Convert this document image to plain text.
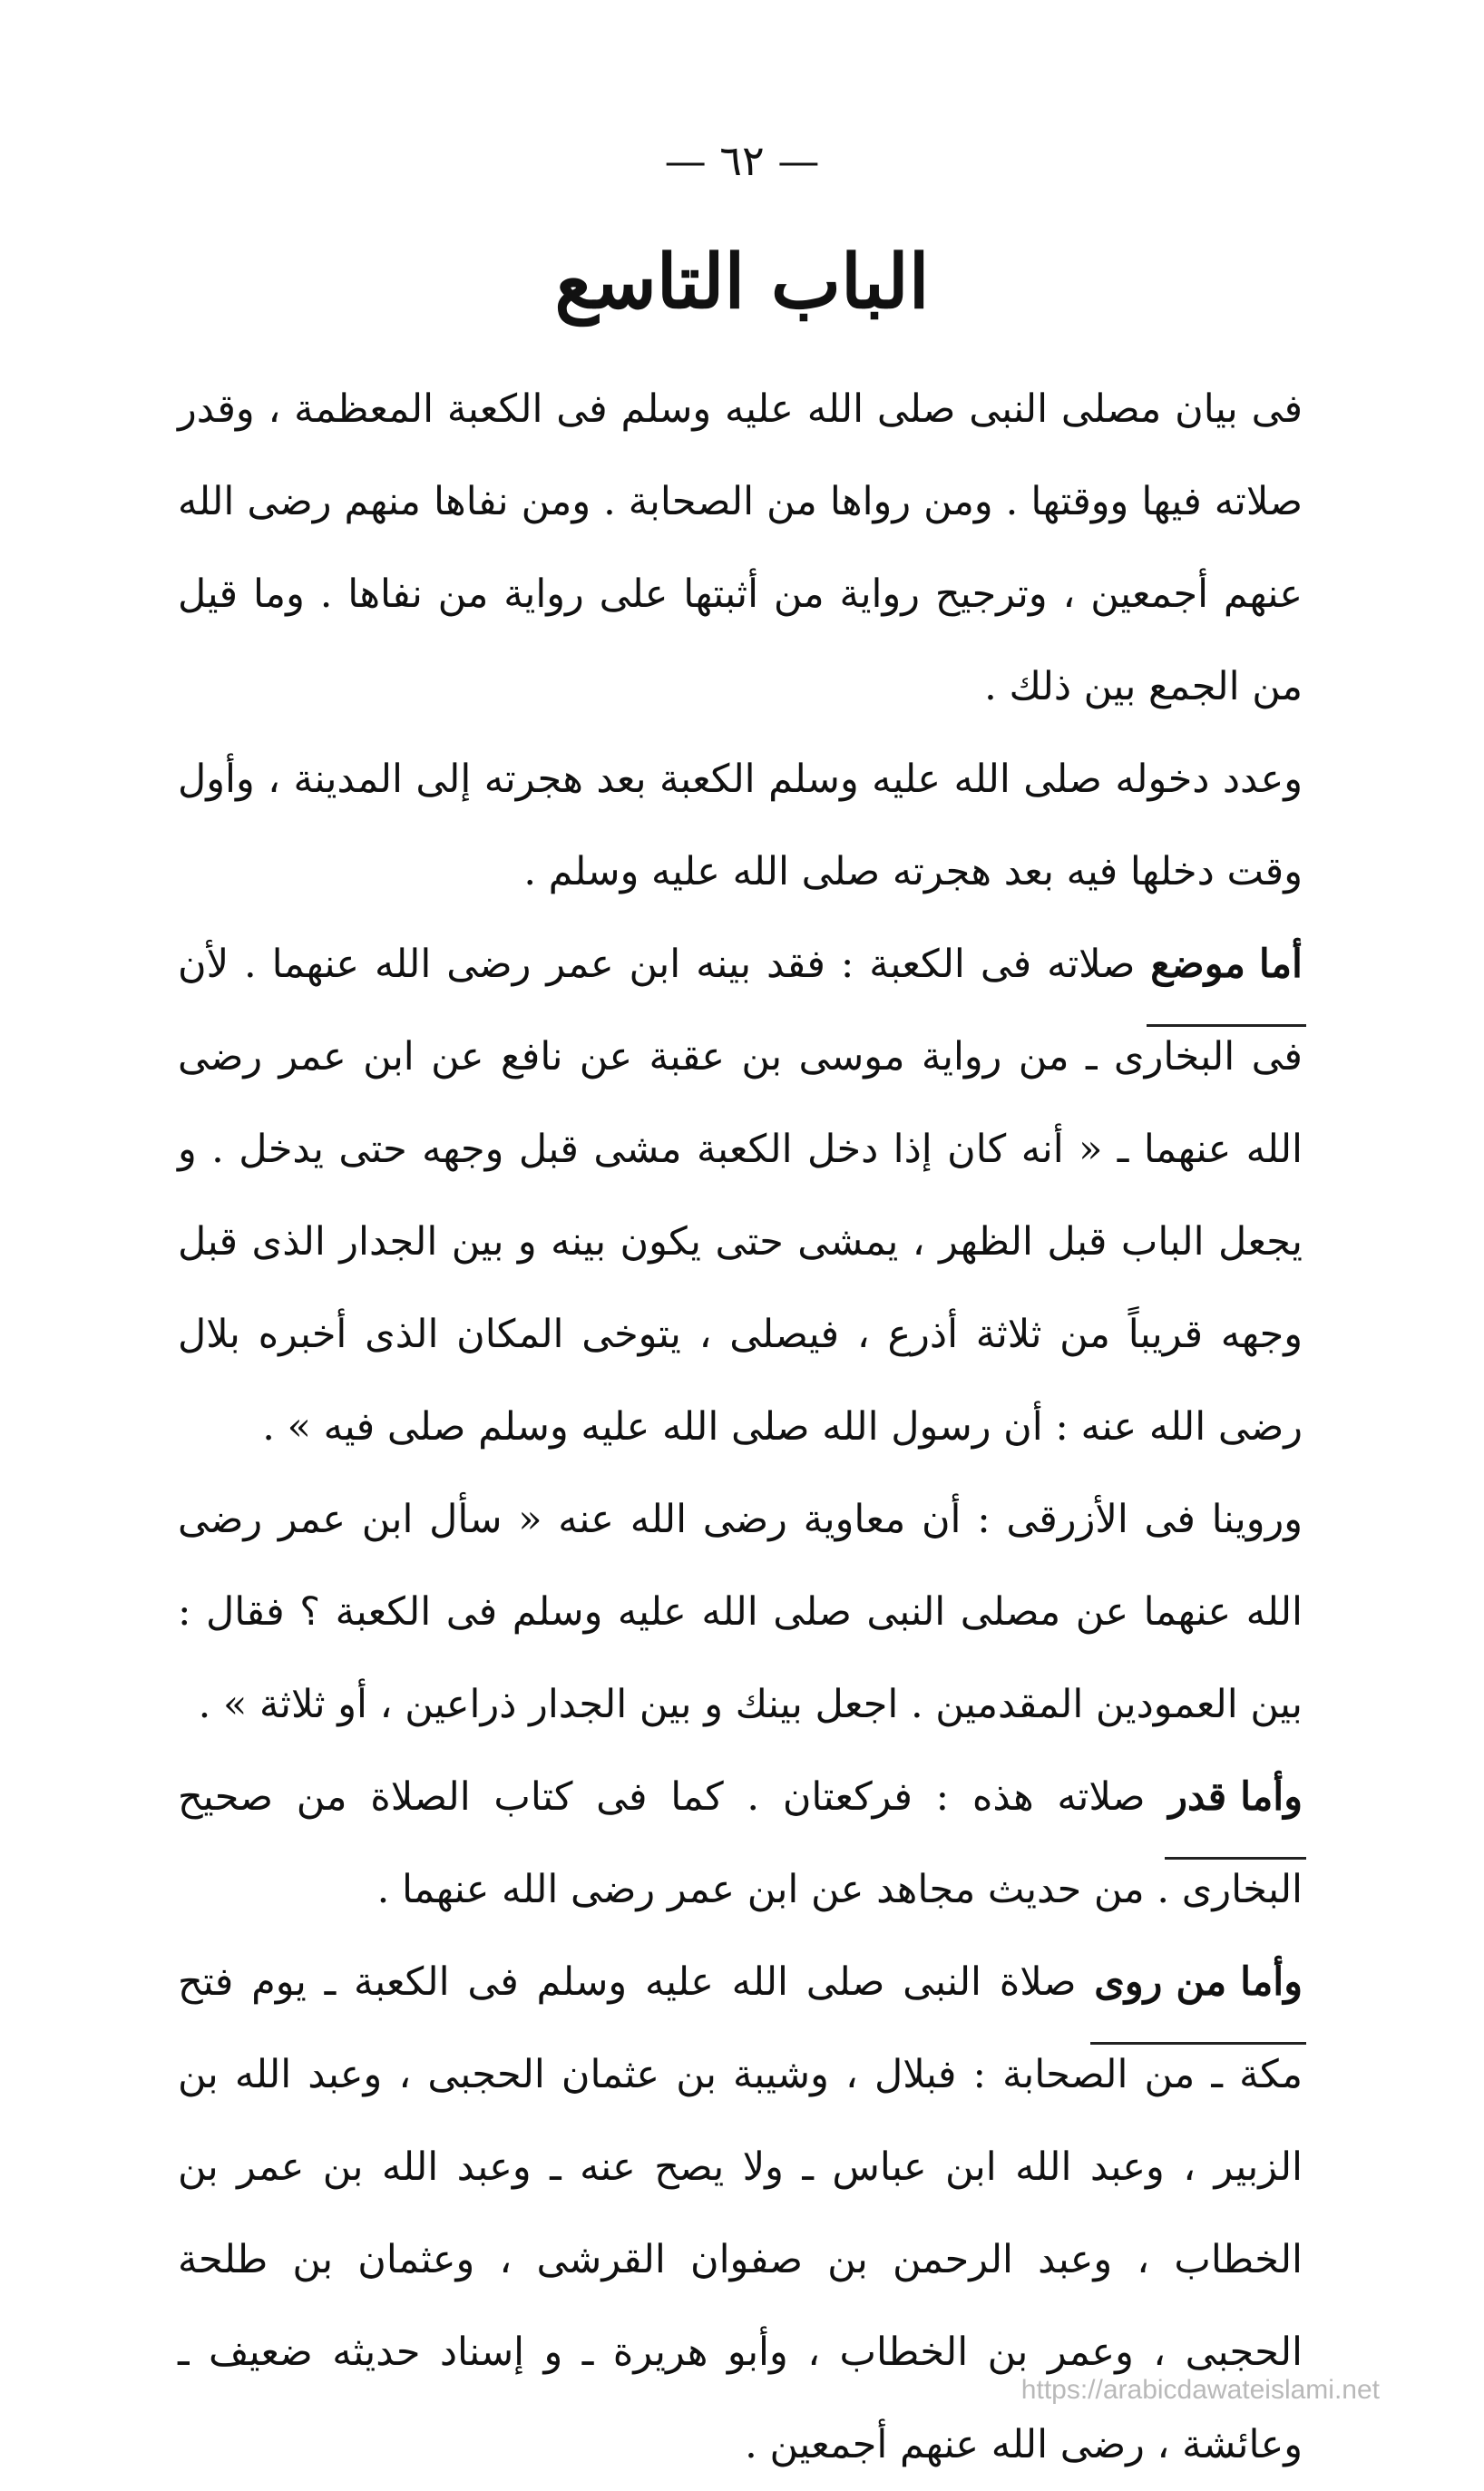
— ٦٢ —
الباب التاسع

فى بيان مصلى النبى صلى الله عليه وسلم فى الكعبة المعظمة ، وقدر صلاته فيها ووقتها . ومن رواها من الصحابة . ومن نفاها منهم رضى الله عنهم أجمعين ، وترجيح رواية من أثبتها على رواية من نفاها . وما قيل من الجمع بين ذلك .

وعدد دخوله صلى الله عليه وسلم الكعبة بعد هجرته إلى المدينة ، وأول وقت دخلها فيه بعد هجرته صلى الله عليه وسلم .

أما موضع
صلاته فى الكعبة : فقد بينه ابن عمر رضى الله عنهما . لأن فى البخارى ـ من رواية موسى بن عقبة عن نافع عن ابن عمر رضى الله عنهما ـ « أنه كان إذا دخل الكعبة مشى قبل وجهه حتى يدخل . و يجعل الباب قبل الظهر ، يمشى حتى يكون بينه و بين الجدار الذى قبل وجهه قريباً من ثلاثة أذرع ، فيصلى ، يتوخى المكان الذى أخبره بلال رضى الله عنه : أن رسول الله صلى الله عليه وسلم صلى فيه » .

وروينا فى الأزرقى : أن معاوية رضى الله عنه « سأل ابن عمر رضى الله عنهما عن مصلى النبى صلى الله عليه وسلم فى الكعبة ؟ فقال : بين العمودين المقدمين . اجعل بينك و بين الجدار ذراعين ، أو ثلاثة » .

وأما قدر
صلاته هذه : فركعتان . كما فى كتاب الصلاة من صحيح البخارى . من حديث مجاهد عن ابن عمر رضى الله عنهما .

وأما من روى
صلاة النبى صلى الله عليه وسلم فى الكعبة ـ يوم فتح مكة ـ من الصحابة : فبلال ، وشيبة بن عثمان الحجبى ، وعبد الله بن الزبير ، وعبد الله ابن عباس ـ ولا يصح عنه ـ وعبد الله بن عمر بن الخطاب ، وعبد الرحمن بن صفوان القرشى ، وعثمان بن طلحة الحجبى ، وعمر بن الخطاب ، وأبو هريرة ـ و إسناد حديثه ضعيف ـ وعائشة ، رضى الله عنهم أجمعين .

https://arabicdawateislami.net
